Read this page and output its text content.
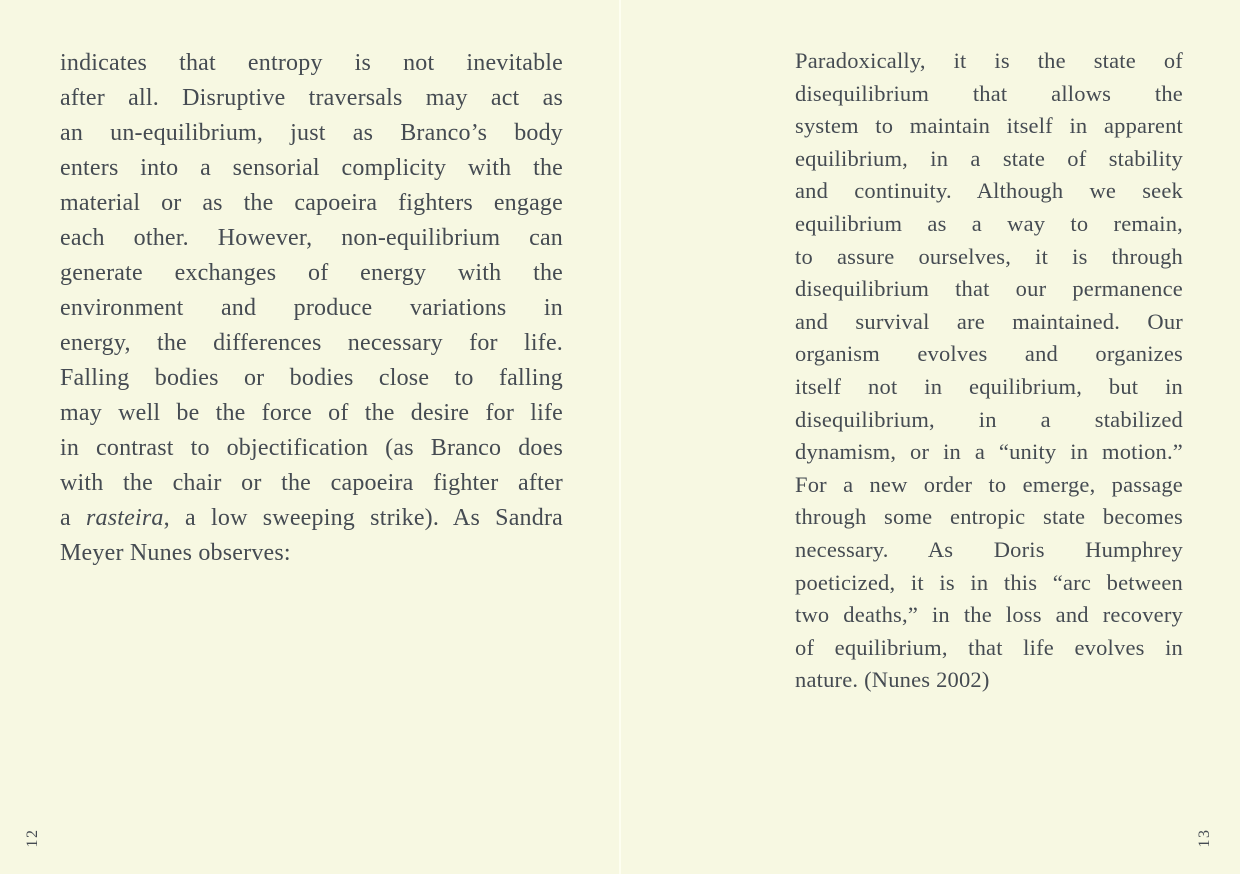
indicates that entropy is not inevitable
after all. Disruptive traversals may act as
an un-equilibrium, just as Branco’s body
enters into a sensorial complicity with the
material or as the capoeira fighters engage
each other. However, non-equilibrium can
generate exchanges of energy with the
environment and produce variations in
energy, the differences necessary for life.
Falling bodies or bodies close to falling
may well be the force of the desire for life
in contrast to objectification (as Branco does
with the chair or the capoeira fighter after
a rasteira, a low sweeping strike). As Sandra
Meyer Nunes observes:
12
Paradoxically, it is the state of
disequilibrium that allows the
system to maintain itself in apparent
equilibrium, in a state of stability
and continuity. Although we seek
equilibrium as a way to remain,
to assure ourselves, it is through
disequilibrium that our permanence
and survival are maintained. Our
organism evolves and organizes
itself not in equilibrium, but in
disequilibrium, in a stabilized
dynamism, or in a “unity in motion.”
For a new order to emerge, passage
through some entropic state becomes
necessary. As Doris Humphrey
poeticized, it is in this “arc between
two deaths,” in the loss and recovery
of equilibrium, that life evolves in
nature. (Nunes 2002)
13
